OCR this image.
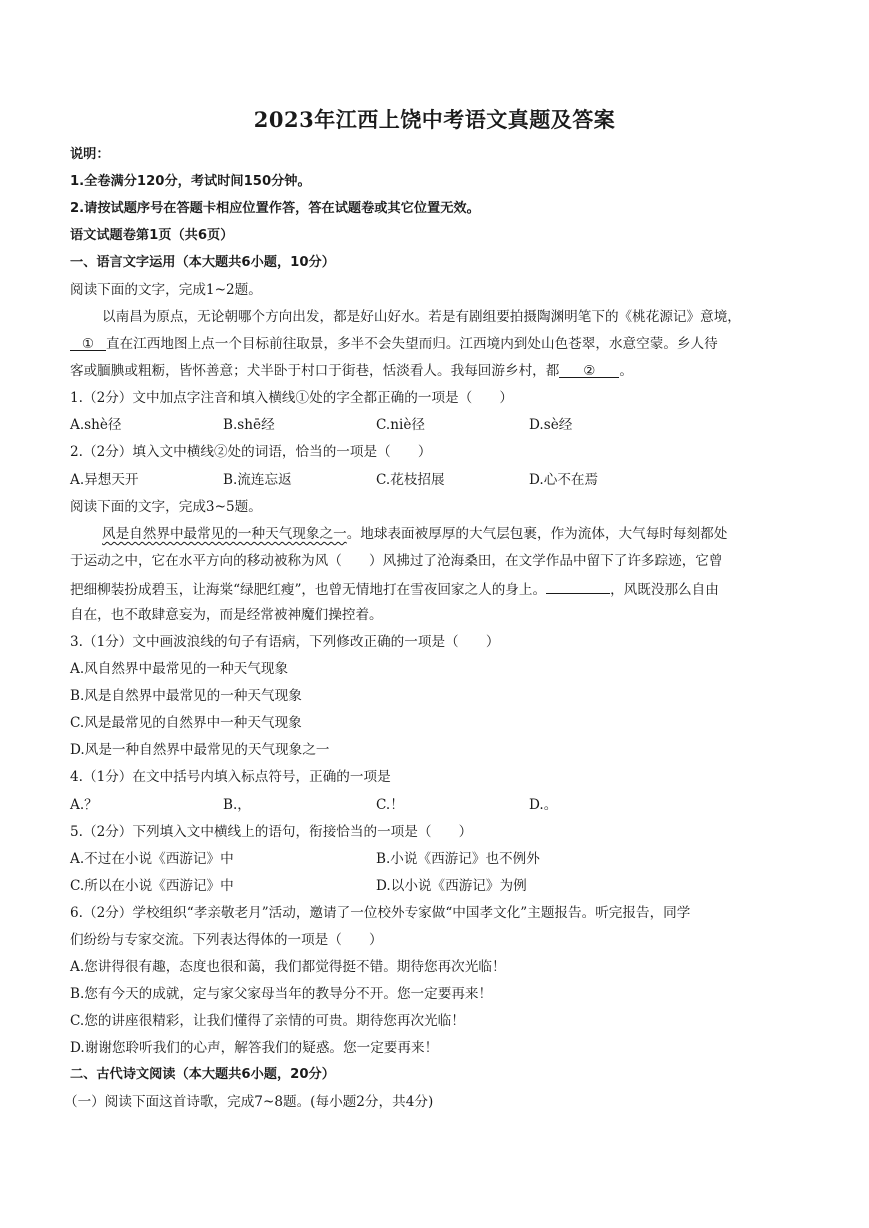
2023年江西上饶中考语文真题及答案
说明：
1.全卷满分120分，考试时间150分钟。
2.请按试题序号在答题卡相应位置作答，答在试题卷或其它位置无效。
语文试题卷第1页（共6页）
一、语言文字运用（本大题共6小题，10分）
阅读下面的文字，完成1~2题。
以南昌为原点，无论朝哪个方向出发，都是好山好水。若是有剧组要拍摄陶渊明笔下的《桃花源记》意境，
① 直在江西地图上点一个目标前往取景，多半不会失望而归。江西境内到处山色苍翠，水意空蒙。乡人待
客或腼腆或粗粝，皆怀善意；犬半卧于村口于街巷，恬淡看人。我每回游乡村，都 ② 。
1.（2分）文中加点字注音和填入横线①处的字全都正确的一项是（　　）
A.shè径	B.shē经	C.niè径	D.sè经
2.（2分）填入文中横线②处的词语，恰当的一项是（　　）
A.异想天开	B.流连忘返	C.花枝招展	D.心不在焉
阅读下面的文字，完成3~5题。
风是自然界中最常见的一种天气现象之一。地球表面被厚厚的大气层包裹，作为流体，大气每时每刻都处
于运动之中，它在水平方向的移动被称为风（　　）风拂过了沧海桑田，在文学作品中留下了许多踪迹，它曾
把细柳装扮成碧玉，让海棠“绿肥红瘦”，也曾无情地打在雪夜回家之人的身上。	，风既没那么自由
自在，也不敢肆意妄为，而是经常被神魔们操控着。
3.（1分）文中画波浪线的句子有语病，下列修改正确的一项是（　　）
A.风自然界中最常见的一种天气现象
B.风是自然界中最常见的一种天气现象
C.风是最常见的自然界中一种天气现象
D.风是一种自然界中最常见的天气现象之一
4.（1分）在文中括号内填入标点符号，正确的一项是
A.？	B.，	C.！	D.。
5.（2分）下列填入文中横线上的语句，衔接恰当的一项是（　　）
A.不过在小说《西游记》中	B.小说《西游记》也不例外
C.所以在小说《西游记》中	D.以小说《西游记》为例
6.（2分）学校组织“孝亲敬老月”活动，邀请了一位校外专家做“中国孝文化”主题报告。听完报告，同学
们纷纷与专家交流。下列表达得体的一项是（　　）
A.您讲得很有趣，态度也很和蔼，我们都觉得挺不错。期待您再次光临！
B.您有今天的成就，定与家父家母当年的教导分不开。您一定要再来！
C.您的讲座很精彩，让我们懂得了亲情的可贵。期待您再次光临！
D.谢谢您聆听我们的心声，解答我们的疑惑。您一定要再来！
二、古代诗文阅读（本大题共6小题，20分）
（一）阅读下面这首诗歌，完成7~8题。(每小题2分，共4分)
